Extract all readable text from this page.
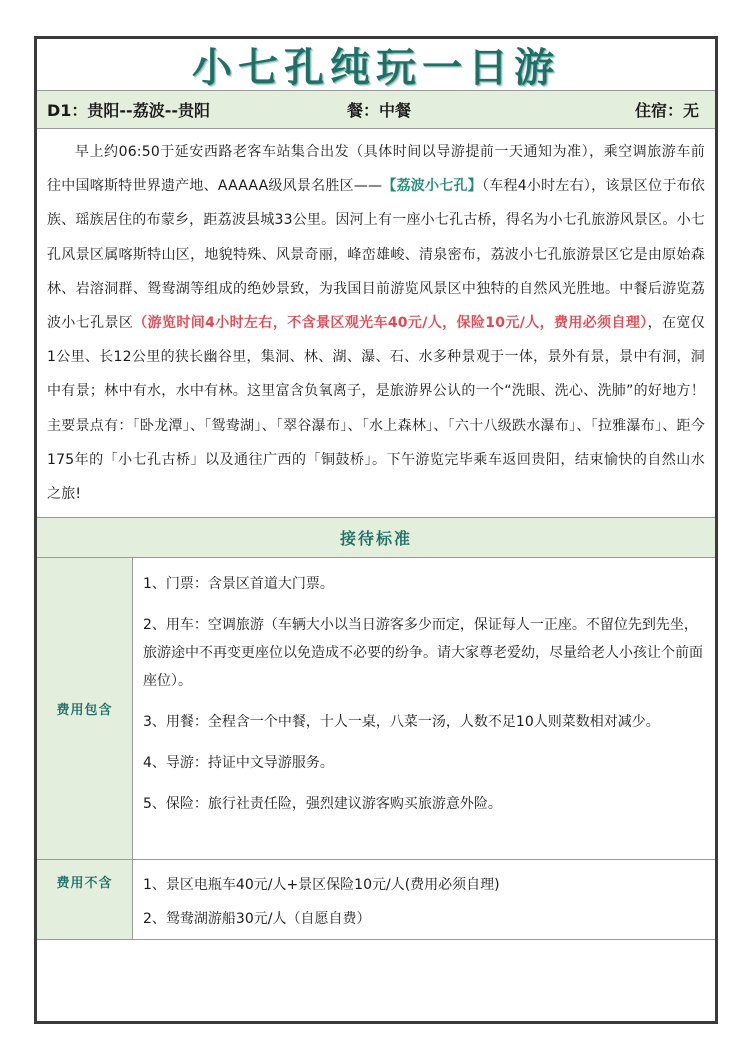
小七孔纯玩一日游
D1：贵阳--荔波--贵阳	餐：中餐	住宿：无
早上约06:50于延安西路老客车站集合出发（具体时间以导游提前一天通知为准），乘空调旅游车前往中国喀斯特世界遗产地、AAAAA级风景名胜区——【荔波小七孔】（车程4小时左右），该景区位于布依族、瑶族居住的布蒙乡，距荔波县城33公里。因河上有一座小七孔古桥，得名为小七孔旅游风景区。小七孔风景区属喀斯特山区，地貌特殊、风景奇丽，峰峦雄峻、清泉密布，荔波小七孔旅游景区它是由原始森林、岩溶洞群、鸳鸯湖等组成的绝妙景致，为我国目前游览风景区中独特的自然风光胜地。中餐后游览荔波小七孔景区（游览时间4小时左右，不含景区观光车40元/人，保险10元/人，费用必须自理），在宽仅1公里、长12公里的狭长幽谷里，集洞、林、湖、瀑、石、水多种景观于一体，景外有景，景中有洞，洞中有景；林中有水，水中有林。这里富含负氧离子，是旅游界公认的一个“洗眼、洗心、洗肺”的好地方！主要景点有：「卧龙潭」、「鸳鸯湖」、「翠谷瀑布」、「水上森林」、「六十八级跌水瀑布」、「拉雅瀑布」、距今175年的「小七孔古桥」以及通往广西的「铜鼓桥」。下午游览完毕乘车返回贵阳，结束愉快的自然山水之旅!
接待标准
费用包含

1、门票：含景区首道大门票。

2、用车：空调旅游（车辆大小以当日游客多少而定，保证每人一正座。不留位先到先坐，旅游途中不再变更座位以免造成不必要的纷争。请大家尊老爱幼，尽量给老人小孩让个前面座位）。

3、用餐：全程含一个中餐，十人一桌，八菜一汤，人数不足10人则菜数相对减少。

4、导游：持证中文导游服务。

5、保险：旅行社责任险，强烈建议游客购买旅游意外险。

费用不含	1、景区电瓶车40元/人+景区保险10元/人(费用必须自理)

2、鸳鸯湖游船30元/人（自愿自费）
